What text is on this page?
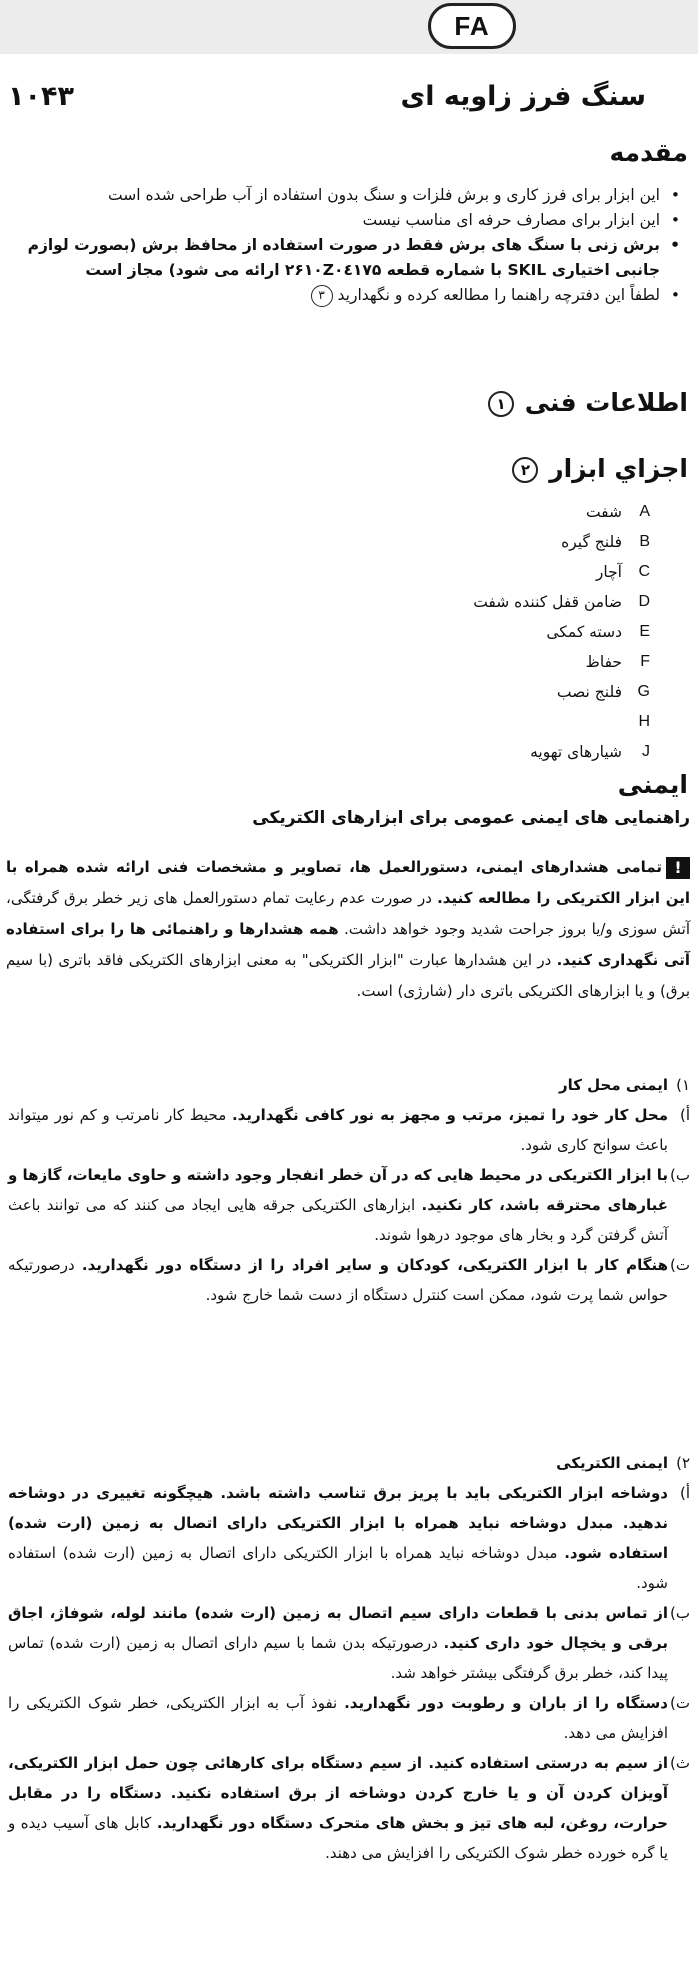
FA
سنگ فرز زاویه ای
۱۰۴۳
مقدمه
• این ابزار برای فرز کاری و برش فلزات و سنگ بدون استفاده از آب طراحی شده است
• این ابزار برای مصارف حرفه ای مناسب نیست
• برش زنی با سنگ های برش فقط در صورت استفاده از محافظ برش (بصورت لوازم جانبی اختیاری SKIL با شماره قطعه ۲۶۱۰Z۰٤۱۷۵ ارائه می شود) مجاز است
• لطفاً این دفترچه راهنما را مطالعه کرده و نگهدارید ۳
اطلاعات فنی ۱
اجزاي ابزار ۲
A
شفت
B
فلنج گیره
C
آچار
D
ضامن قفل کننده شفت
E
دسته کمکی
F
حفاظ
G
فلنج نصب
H
J
شیارهای تهویه
ایمنی
راهنمایی های ایمنی عمومی برای ابزارهای الکتریکی
!تمامی هشدارهای ایمنی، دستورالعمل ها، تصاویر و مشخصات فنی ارائه شده همراه با این ابزار الکتریکی را مطالعه کنید. در صورت عدم رعایت تمام دستورالعمل های زیر خطر برق گرفتگی، آتش سوزی و/یا بروز جراحت شدید وجود خواهد داشت. همه هشدارها و راهنمائی ها را برای استفاده آتی نگهداری کنید. در این هشدارها عبارت "ابزار الکتریکی" به معنی ابزارهای الکتریکی فاقد باتری (با سیم برق) و یا ابزارهای الکتریکی باتری دار (شارژی) است.
۱)
ایمنی محل کار
أ)
محل کار خود را تمیز، مرتب و مجهز به نور کافی نگهدارید. محیط کار نامرتب و کم نور میتواند باعث سوانح کاری شود.
ب)
با ابزار الکتریکی در محیط هایی که در آن خطر انفجار وجود داشته و حاوی مایعات، گازها و غبارهای محترقه باشد، کار نکنید. ابزارهای الکتریکی جرقه هایی ایجاد می کنند که می توانند باعث آتش گرفتن گرد و بخار های موجود درهوا شوند.
ت)
هنگام کار با ابزار الکتریکی، کودکان و سایر افراد را از دستگاه دور نگهدارید. درصورتیکه حواس شما پرت شود، ممکن است کنترل دستگاه از دست شما خارج شود.
۲)
ایمنی الکتریکی
أ)
دوشاخه ابزار الکتریکی باید با پریز برق تناسب داشته باشد. هیچگونه تغییری در دوشاخه ندهید. مبدل دوشاخه نباید همراه با ابزار الکتریکی دارای اتصال به زمین (ارت شده) استفاده شود. مبدل دوشاخه نباید همراه با ابزار الکتریکی دارای اتصال به زمین (ارت شده) استفاده شود.
ب)
از تماس بدنی با قطعات دارای سیم اتصال به زمین (ارت شده) مانند لوله، شوفاژ، اجاق برقی و یخچال خود داری کنید. درصورتیکه بدن شما با سیم دارای اتصال به زمین (ارت شده) تماس پیدا کند، خطر برق گرفتگی بیشتر خواهد شد.
ت)
دستگاه را از باران و رطوبت دور نگهدارید. نفوذ آب به ابزار الکتریکی، خطر شوک الکتریکی را افزایش می دهد.
ث)
از سیم به درستی استفاده کنید. از سیم دستگاه برای کارهائی چون حمل ابزار الکتریکی، آویزان کردن آن و یا خارج کردن دوشاخه از برق استفاده نکنید. دستگاه را در مقابل حرارت، روغن، لبه های تیز و بخش های متحرک دستگاه دور نگهدارید. کابل های آسیب دیده و یا گره خورده خطر شوک الکتریکی را افزایش می دهند.
